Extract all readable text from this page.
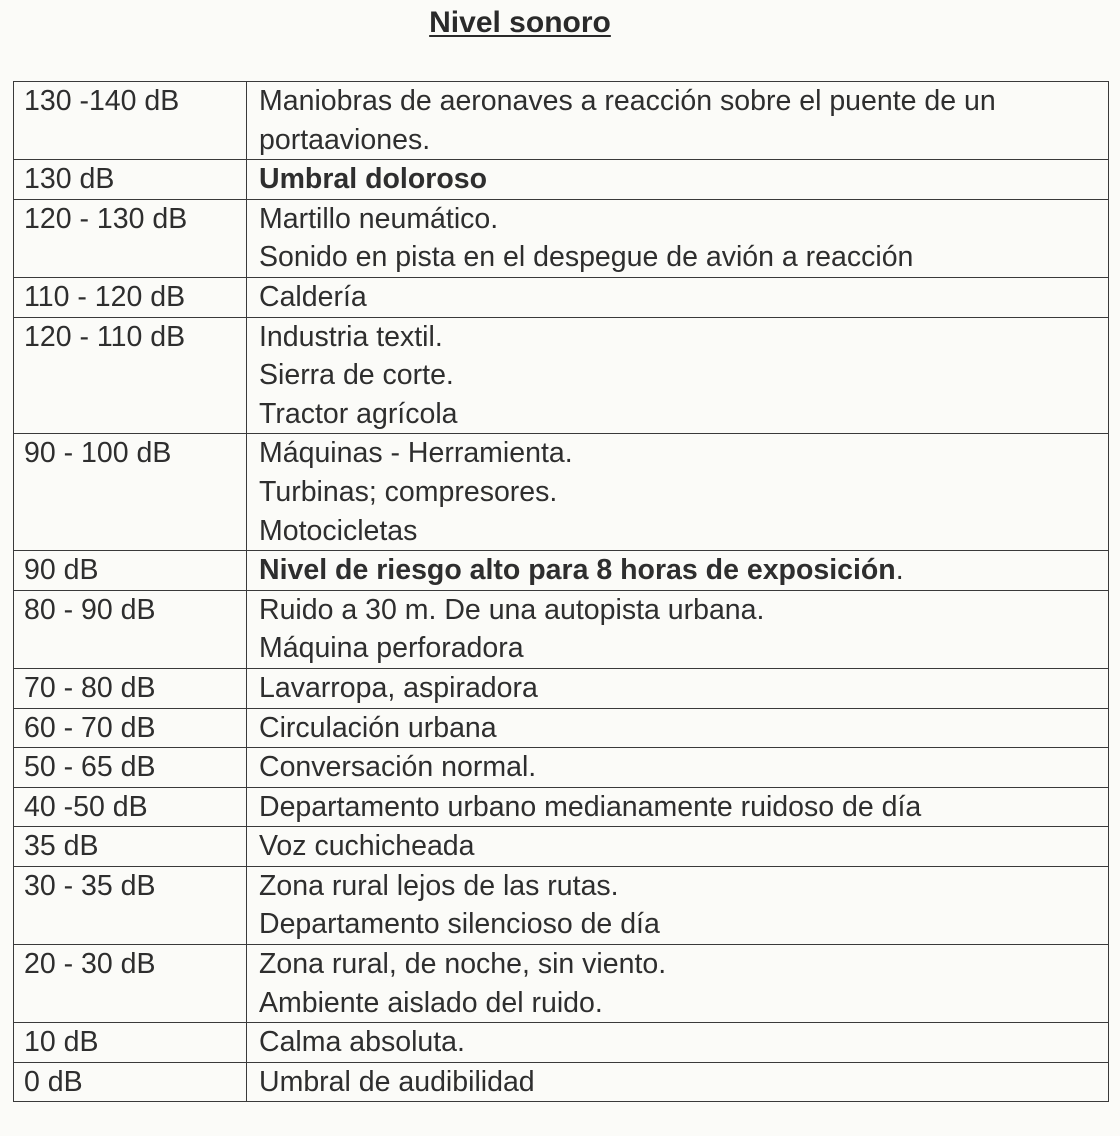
Nivel sonoro
130 -140 dB	Maniobras de aeronaves a reacción sobre el puente de un portaaviones.

130 dB	Umbral doloroso

120 - 130 dB	Martillo neumático.
Sonido en pista en el despegue de avión a reacción

110 - 120 dB	Caldería

120 - 110 dB	Industria textil.
Sierra de corte.
Tractor agrícola

90 - 100 dB	Máquinas - Herramienta.
Turbinas; compresores.
Motocicletas

90 dB	Nivel de riesgo alto para 8 horas de exposición.
80 - 90 dB	Ruido a 30 m. De una autopista urbana.
Máquina perforadora

70 - 80 dB	Lavarropa, aspiradora

60 - 70 dB	Circulación urbana

50 - 65 dB	Conversación normal.

40 -50 dB	Departamento urbano medianamente ruidoso de día

35 dB	Voz cuchicheada

30 - 35 dB	Zona rural lejos de las rutas.
Departamento silencioso de día

20 - 30 dB	Zona rural, de noche, sin viento.
Ambiente aislado del ruido.

10 dB	Calma absoluta.

0 dB	Umbral de audibilidad
